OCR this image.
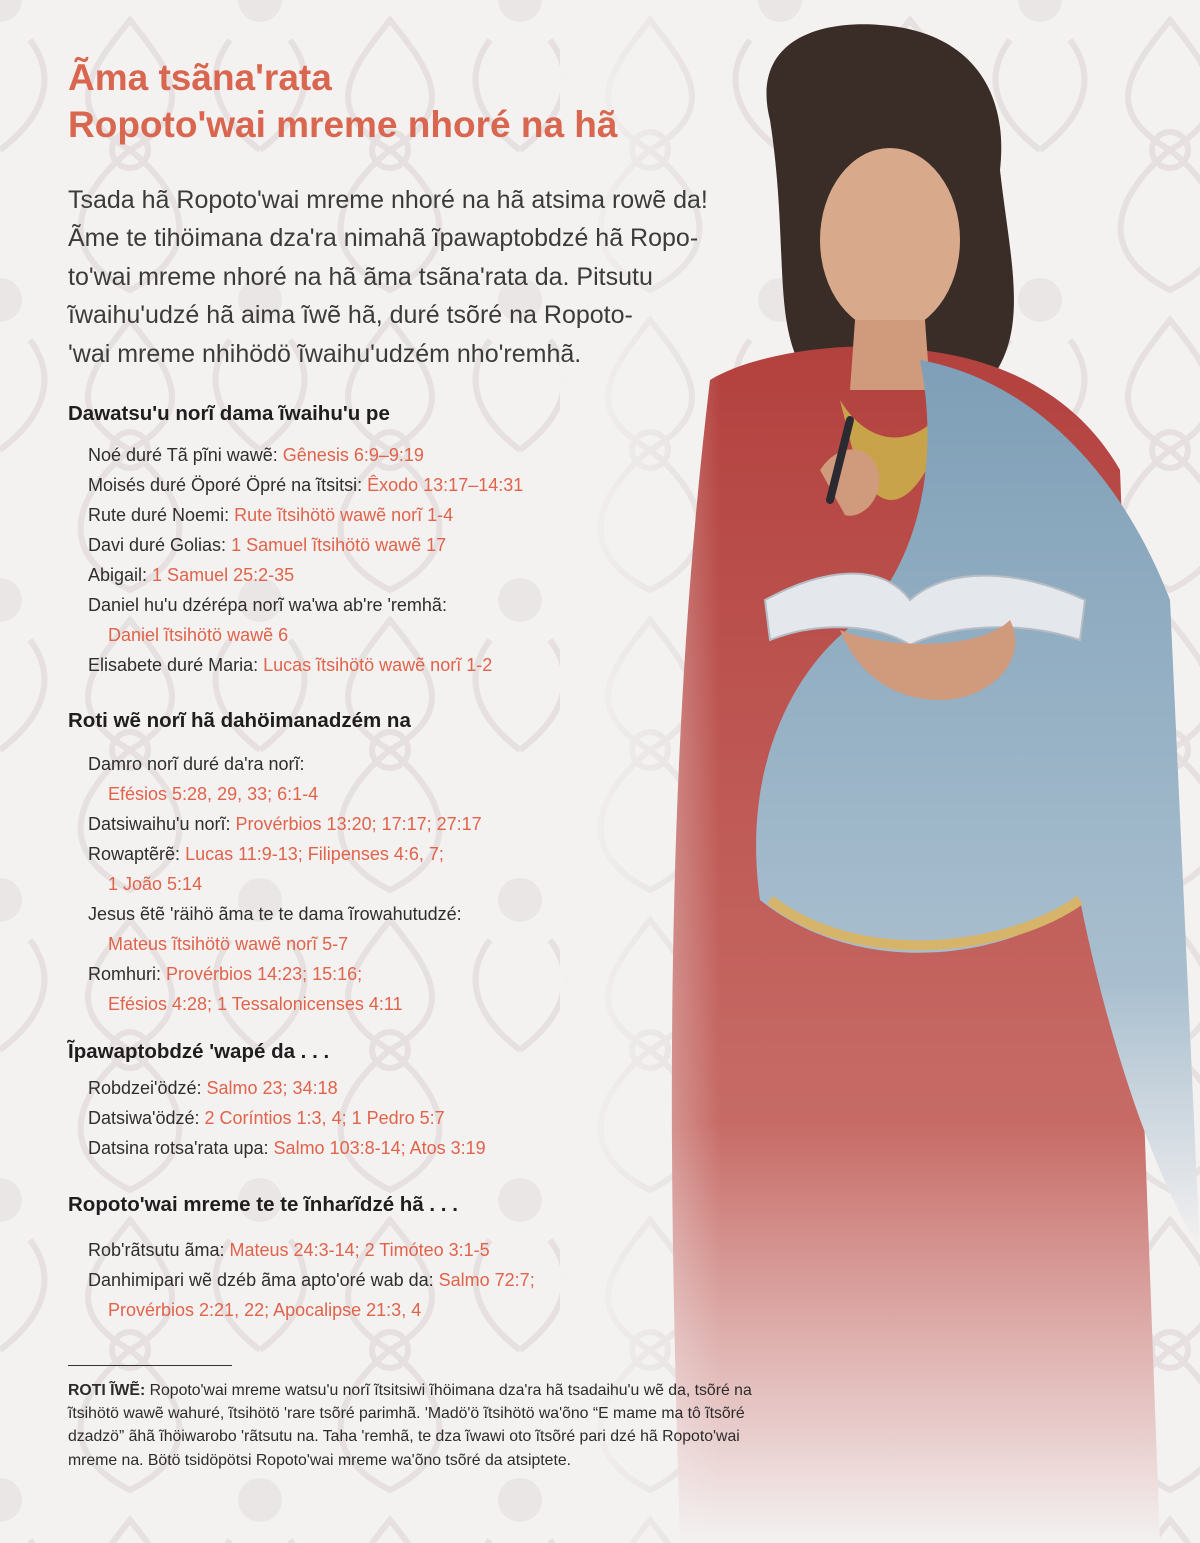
Ãma tsãna'rata
Ropoto'wai mreme nhoré na hã

Tsada hã Ropoto'wai mreme nhoré na hã atsima rowẽ da!
Ãme te tihöimana dza'ra nimahã ĩpawaptobdzé hã Ropo-
to'wai mreme nhoré na hã ãma tsãna'rata da. Pitsutu
ĩwaihu'udzé hã aima ĩwẽ hã, duré tsõré na Ropoto-
'wai mreme nhihödö ĩwaihu'udzém nho'remhã.

Dawatsu'u norĩ dama ĩwaihu'u pe
Noé duré Tã pĩni wawẽ: Gênesis 6:9–9:19
Moisés duré Öporé Öpré na ĩtsitsi: Êxodo 13:17–14:31
Rute duré Noemi: Rute ĩtsihötö wawẽ norĩ 1-4
Davi duré Golias: 1 Samuel ĩtsihötö wawẽ 17
Abigail: 1 Samuel 25:2-35
Daniel hu'u dzérépa norĩ wa'wa ab're 'remhã:
Daniel ĩtsihötö wawẽ 6
Elisabete duré Maria: Lucas ĩtsihötö wawẽ norĩ 1-2
Roti wẽ norĩ hã dahöimanadzém na
Damro norĩ duré da'ra norĩ:
Efésios 5:28, 29, 33; 6:1-4
Datsiwaihu'u norĩ: Provérbios 13:20; 17:17; 27:17
Rowaptẽrẽ: Lucas 11:9-13; Filipenses 4:6, 7;
1 João 5:14
Jesus ẽtẽ 'räihö ãma te te dama ĩrowahutudzé:
Mateus ĩtsihötö wawẽ norĩ 5-7
Romhuri: Provérbios 14:23; 15:16;
Efésios 4:28; 1 Tessalonicenses 4:11
Ĩpawaptobdzé 'wapé da . . .
Robdzei'ödzé: Salmo 23; 34:18
Datsiwa'ödzé: 2 Coríntios 1:3, 4; 1 Pedro 5:7
Datsina rotsa'rata upa: Salmo 103:8-14; Atos 3:19
Ropoto'wai mreme te te ĩnharĩdzé hã . . .
Rob'rãtsutu ãma: Mateus 24:3-14; 2 Timóteo 3:1-5
Danhimipari wẽ dzéb ãma apto'oré wab da: Salmo 72:7;
Provérbios 2:21, 22; Apocalipse 21:3, 4
ROTI ĨWẼ: Ropoto'wai mreme watsu'u norĩ ĩtsitsiwi ĩhöimana dza'ra hã tsadaihu'u wẽ da, tsõré na
ĩtsihötö wawẽ wahuré, ĩtsihötö 'rare tsõré parimhã. 'Madö'ö ĩtsihötö wa'õno “E mame ma tô ĩtsõré
dzadzö” ãhã ĩhöiwarobo 'rãtsutu na. Taha 'remhã, te dza ĩwawi oto ĩtsõré pari dzé hã Ropoto'wai
mreme na. Bötö tsidöpötsi Ropoto'wai mreme wa'õno tsõré da atsiptete.
